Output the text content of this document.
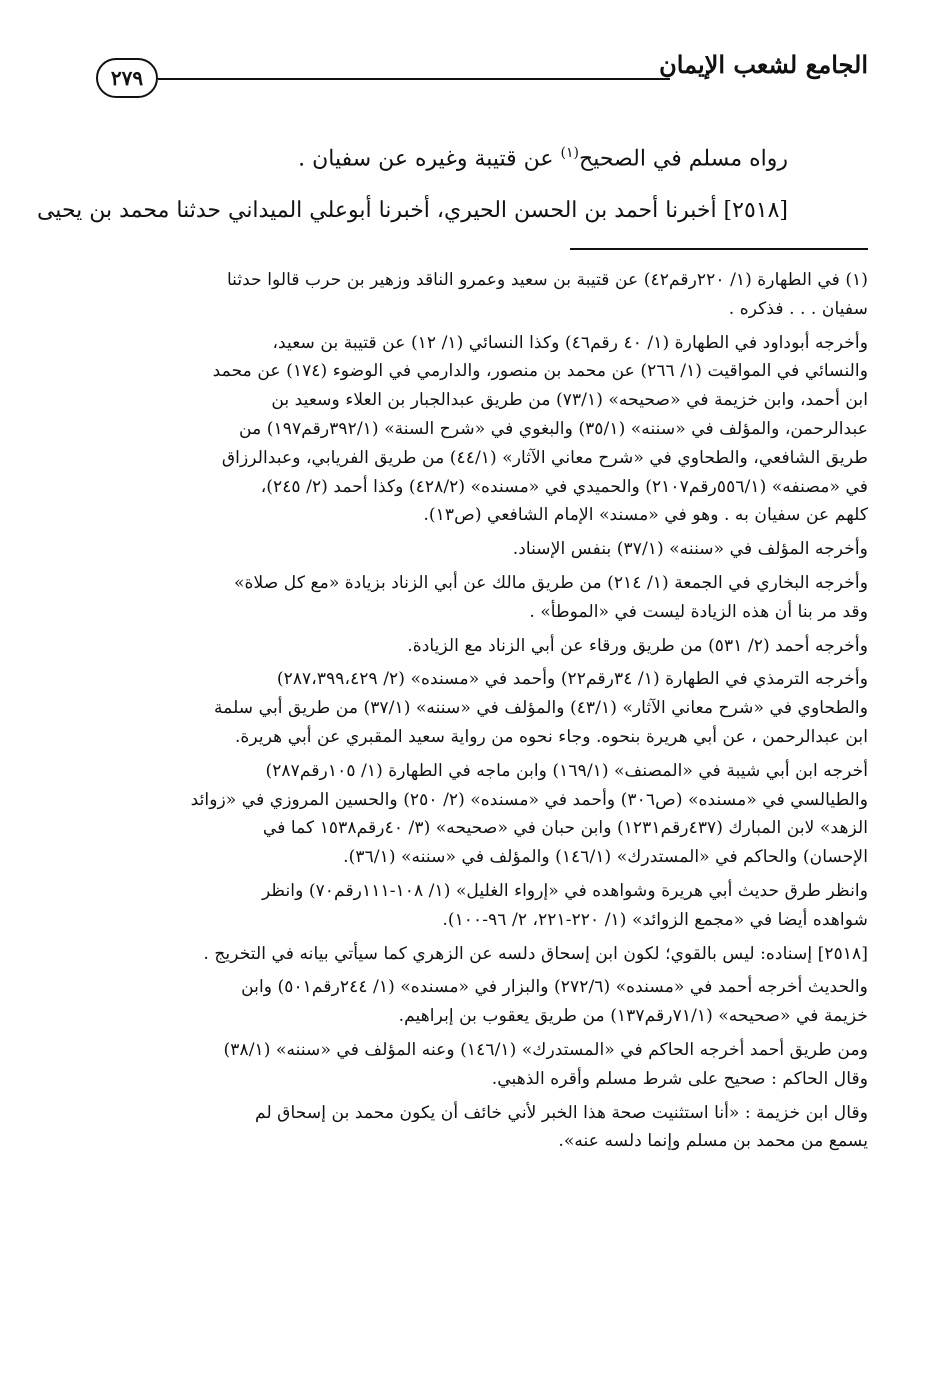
الجامع لشعب الإيمان
٢٧٩

رواه مسلم في الصحيح$^{(١)}$ عن قتيبة وغيره عن سفيان .

[٢٥١٨] أخبرنا أحمد بن الحسن الحيري، أخبرنا أبوعلي الميداني حدثنا محمد بن يحيى

(١) في الطهارة (١/ ٢٢٠رقم٤٢) عن قتيبة بن سعيد وعمرو الناقد وزهير بن حرب قالوا حدثنا
سفيان . . . فذكره .

وأخرجه أبوداود في الطهارة (١/ ٤٠ رقم٤٦) وكذا النسائي (١/ ١٢) عن قتيبة بن سعيد،
والنسائي في المواقيت (١/ ٢٦٦) عن محمد بن منصور، والدارمي في الوضوء (١٧٤) عن محمد
ابن أحمد، وابن خزيمة في «صحيحه» (٧٣/١) من طريق عبدالجبار بن العلاء وسعيد بن
عبدالرحمن، والمؤلف في «سننه» (٣٥/١) والبغوي في «شرح السنة» (٣٩٢/١رقم١٩٧) من
طريق الشافعي، والطحاوي في «شرح معاني الآثار» (٤٤/١) من طريق الفريابي، وعبدالرزاق
في «مصنفه» (٥٥٦/١رقم٢١٠٧) والحميدي في «مسنده» (٤٢٨/٢) وكذا أحمد (٢/ ٢٤٥)،
كلهم عن سفيان به . وهو في «مسند» الإمام الشافعي (ص١٣).

وأخرجه المؤلف في «سننه» (٣٧/١) بنفس الإسناد.

وأخرجه البخاري في الجمعة (١/ ٢١٤) من طريق مالك عن أبي الزناد بزيادة «مع كل صلاة»
وقد مر بنا أن هذه الزيادة ليست في «الموطأ» .

وأخرجه أحمد (٢/ ٥٣١) من طريق ورقاء عن أبي الزناد مع الزيادة.

وأخرجه الترمذي في الطهارة (١/ ٣٤رقم٢٢) وأحمد في «مسنده» (٢/ ٢٨٧،٣٩٩،٤٢٩)
والطحاوي في «شرح معاني الآثار» (٤٣/١) والمؤلف في «سننه» (٣٧/١) من طريق أبي سلمة
ابن عبدالرحمن ، عن أبي هريرة بنحوه. وجاء نحوه من رواية سعيد المقبري عن أبي هريرة.

أخرجه ابن أبي شيبة في «المصنف» (١٦٩/١) وابن ماجه في الطهارة (١/ ١٠٥رقم٢٨٧)
والطيالسي في «مسنده» (ص٣٠٦) وأحمد في «مسنده» (٢/ ٢٥٠) والحسين المروزي في «زوائد
الزهد» لابن المبارك (٤٣٧رقم١٢٣١) وابن حبان في «صحيحه» (٣/ ٤٠رقم١٥٣٨ كما في
الإحسان) والحاكم في «المستدرك» (١٤٦/١) والمؤلف في «سننه» (٣٦/١).

وانظر طرق حديث أبي هريرة وشواهده في «إرواء الغليل» (١/ ١٠٨-١١١رقم٧٠) وانظر
شواهده أيضا في «مجمع الزوائد» (١/ ٢٢٠-٢٢١، ٢/ ٩٦-١٠٠).

[٢٥١٨] إسناده: ليس بالقوي؛ لكون ابن إسحاق دلسه عن الزهري كما سيأتي بيانه في التخريج .

والحديث أخرجه أحمد في «مسنده» (٢٧٢/٦) والبزار في «مسنده» (١/ ٢٤٤رقم٥٠١) وابن
خزيمة في «صحيحه» (٧١/١رقم١٣٧) من طريق يعقوب بن إبراهيم.

ومن طريق أحمد أخرجه الحاكم في «المستدرك» (١٤٦/١) وعنه المؤلف في «سننه» (٣٨/١)
وقال الحاكم : صحيح على شرط مسلم وأقره الذهبي.

وقال ابن خزيمة : «أنا استثنيت صحة هذا الخبر لأني خائف أن يكون محمد بن إسحاق لم
يسمع من محمد بن مسلم وإنما دلسه عنه».
